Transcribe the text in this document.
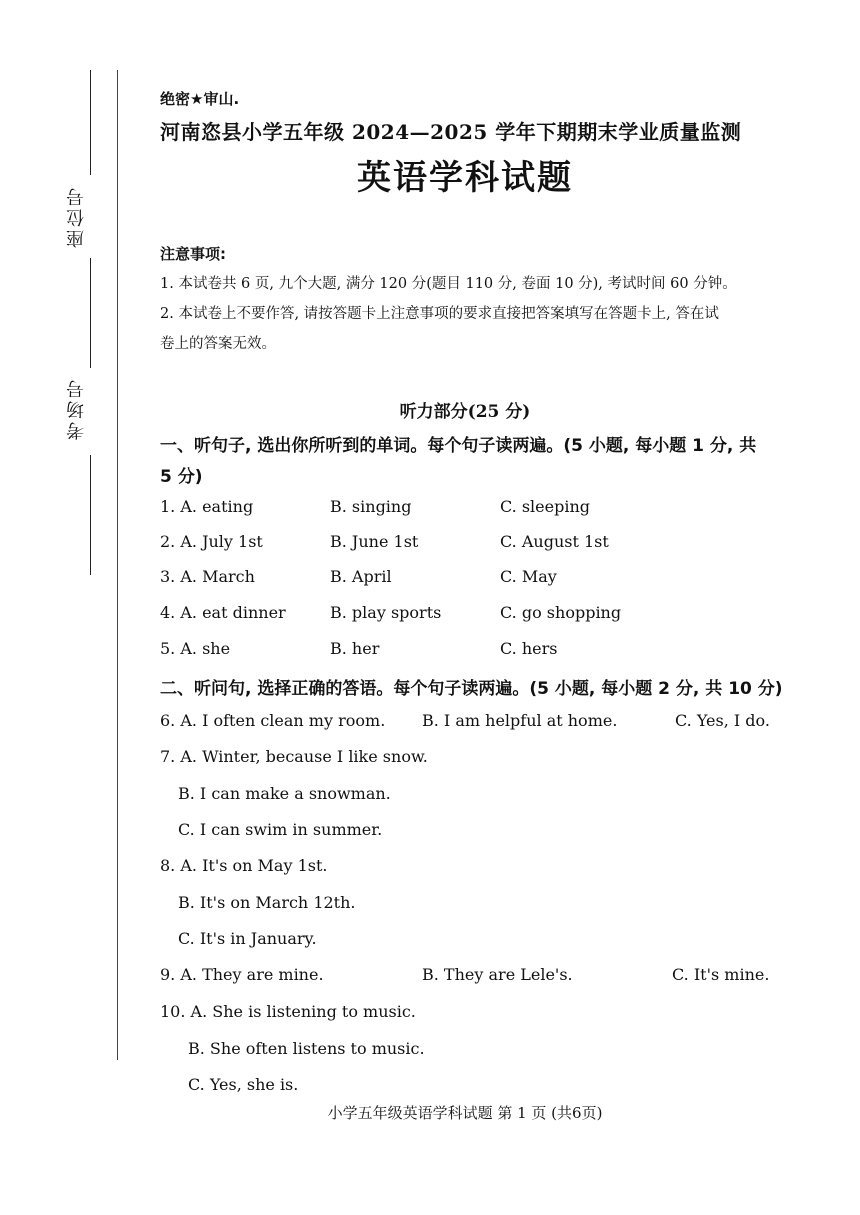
座位号
考场号
绝密★审山.
河南恣县小学五年级 2024—2025 学年下期期末学业质量监测
英语学科试题
注意事项:
1. 本试卷共 6 页, 九个大题, 满分 120 分(题目 110 分, 卷面 10 分), 考试时间 60 分钟。
2. 本试卷上不要作答, 请按答题卡上注意事项的要求直接把答案填写在答题卡上, 答在试
卷上的答案无效。
听力部分(25 分)
一、听句子, 选出你所听到的单词。每个句子读两遍。(5 小题, 每小题 1 分, 共
5 分)
1. A. eating	B. singing	C. sleeping
2. A. July 1st	B. June 1st	C. August 1st
3. A. March	B. April	C. May
4. A. eat dinner	B. play sports	C. go shopping
5. A. she	B. her	C. hers
二、听问句, 选择正确的答语。每个句子读两遍。(5 小题, 每小题 2 分, 共 10 分)
6. A. I often clean my room. B. I am helpful at home.	C. Yes, I do.
7. A. Winter, because I like snow.
B. I can make a snowman.
C. I can swim in summer.
8. A. It's on May 1st.
B. It's on March 12th.
C. It's in January.
9. A. They are mine.	B. They are Lele's.	C. It's mine.
10. A. She is listening to music.
B. She often listens to music.
C. Yes, she is.
小学五年级英语学科试题 第 1 页 (共6页)
